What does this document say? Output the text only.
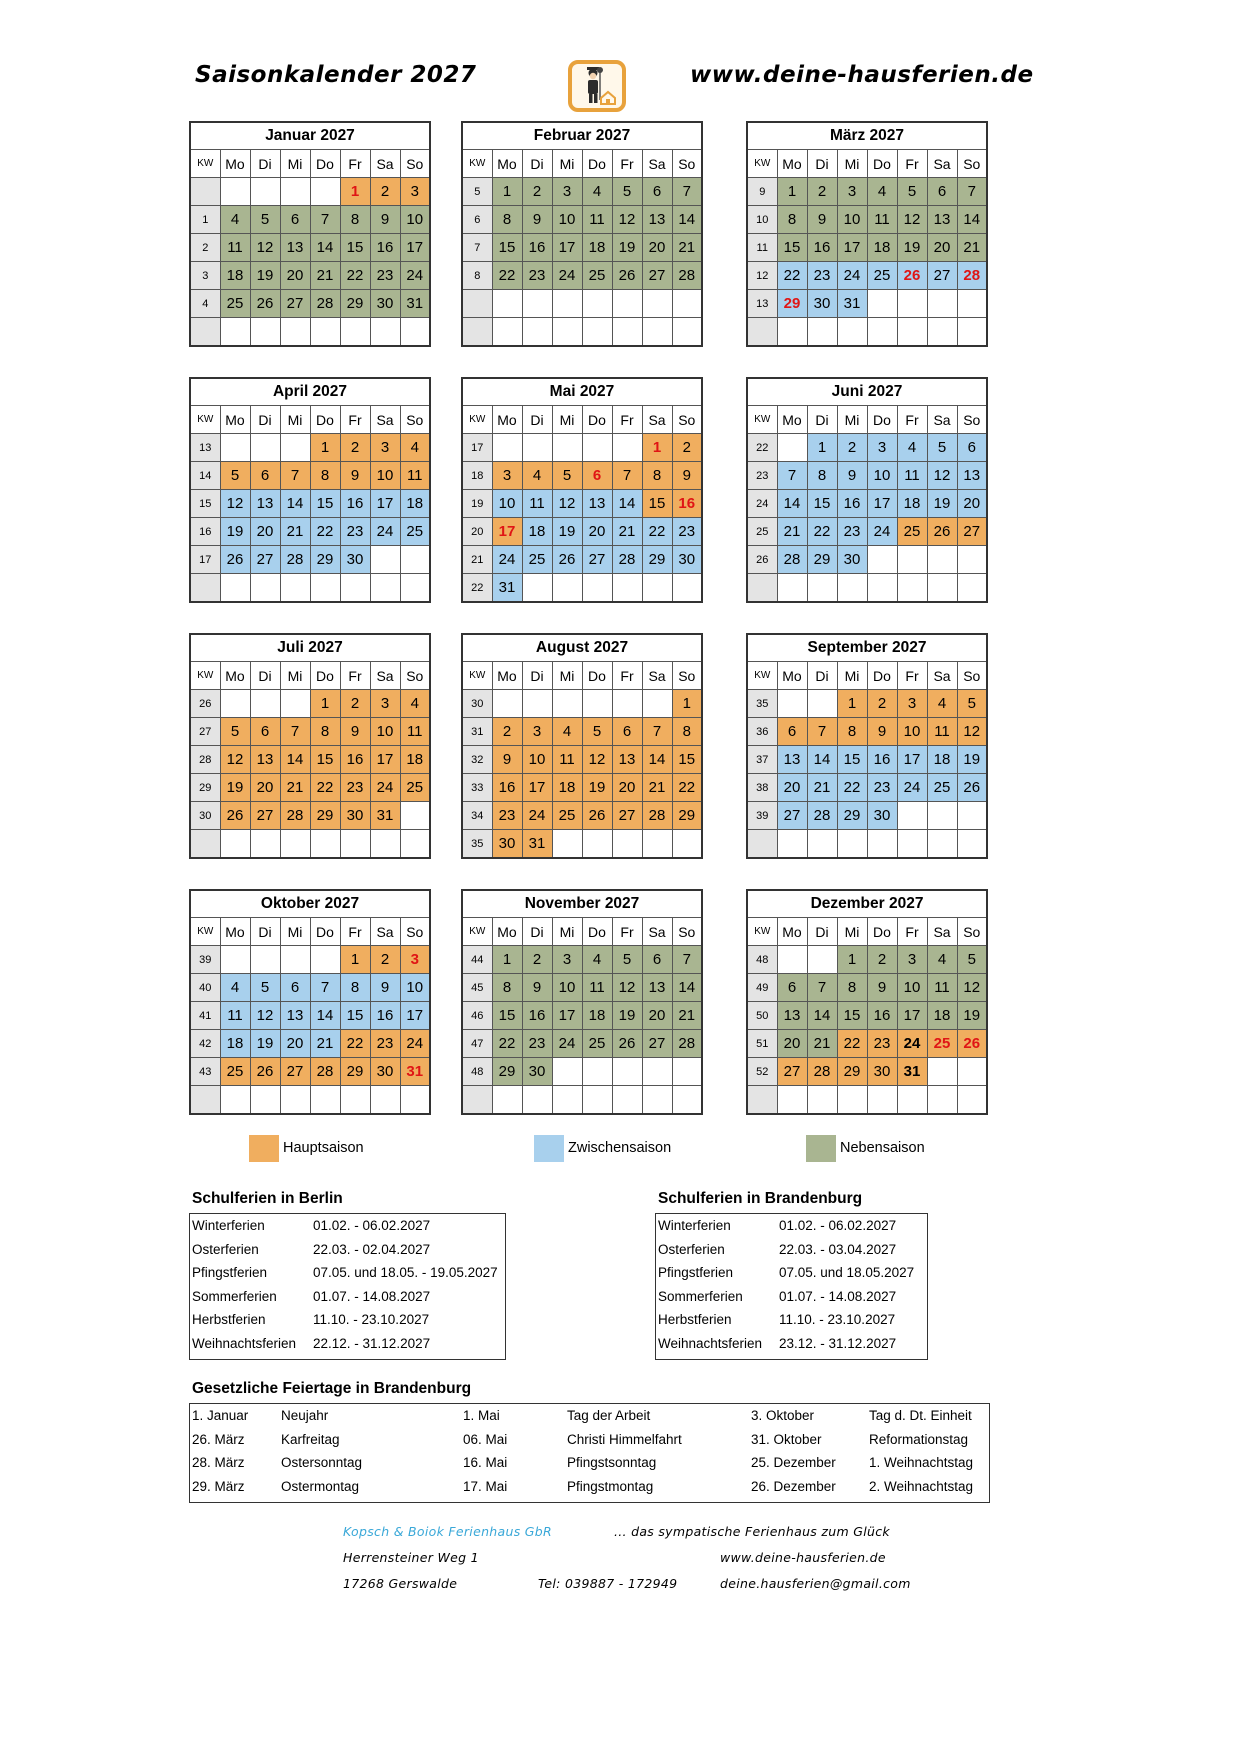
Saisonkalender 2027	www.deine-hausferien.de
Januar 2027							
KW	Mo	Di	Mi	Do	Fr	Sa	So
					1	2	3
1	4	5	6	7	8	9	10
2	11	12	13	14	15	16	17
3	18	19	20	21	22	23	24
4	25	26	27	28	29	30	31

Februar 2027							
KW	Mo	Di	Mi	Do	Fr	Sa	So
5	1	2	3	4	5	6	7
6	8	9	10	11	12	13	14
7	15	16	17	18	19	20	21
8	22	23	24	25	26	27	28

März 2027							
KW	Mo	Di	Mi	Do	Fr	Sa	So
9	1	2	3	4	5	6	7
10	8	9	10	11	12	13	14
11	15	16	17	18	19	20	21
12	22	23	24	25	26	27	28
13	29	30	31				

April 2027							
KW	Mo	Di	Mi	Do	Fr	Sa	So
13				1	2	3	4
14	5	6	7	8	9	10	11
15	12	13	14	15	16	17	18
16	19	20	21	22	23	24	25
17	26	27	28	29	30		

Mai 2027							
KW	Mo	Di	Mi	Do	Fr	Sa	So
17						1	2
18	3	4	5	6	7	8	9
19	10	11	12	13	14	15	16
20	17	18	19	20	21	22	23
21	24	25	26	27	28	29	30
22	31						
Juni 2027							
KW	Mo	Di	Mi	Do	Fr	Sa	So
22		1	2	3	4	5	6
23	7	8	9	10	11	12	13
24	14	15	16	17	18	19	20
25	21	22	23	24	25	26	27
26	28	29	30				

Juli 2027							
KW	Mo	Di	Mi	Do	Fr	Sa	So
26				1	2	3	4
27	5	6	7	8	9	10	11
28	12	13	14	15	16	17	18
29	19	20	21	22	23	24	25
30	26	27	28	29	30	31	

August 2027							
KW	Mo	Di	Mi	Do	Fr	Sa	So
30							1
31	2	3	4	5	6	7	8
32	9	10	11	12	13	14	15
33	16	17	18	19	20	21	22
34	23	24	25	26	27	28	29
35	30	31					
September 2027							
KW	Mo	Di	Mi	Do	Fr	Sa	So
35			1	2	3	4	5
36	6	7	8	9	10	11	12
37	13	14	15	16	17	18	19
38	20	21	22	23	24	25	26
39	27	28	29	30			

Oktober 2027							
KW	Mo	Di	Mi	Do	Fr	Sa	So
39					1	2	3
40	4	5	6	7	8	9	10
41	11	12	13	14	15	16	17
42	18	19	20	21	22	23	24
43	25	26	27	28	29	30	31

November 2027							
KW	Mo	Di	Mi	Do	Fr	Sa	So
44	1	2	3	4	5	6	7
45	8	9	10	11	12	13	14
46	15	16	17	18	19	20	21
47	22	23	24	25	26	27	28
48	29	30					

Dezember 2027							
KW	Mo	Di	Mi	Do	Fr	Sa	So
48			1	2	3	4	5
49	6	7	8	9	10	11	12
50	13	14	15	16	17	18	19
51	20	21	22	23	24	25	26
52	27	28	29	30	31		

Hauptsaison	Zwischensaison	Nebensaison
Schulferien in Berlin
Winterferien	01.02. - 06.02.2027
Osterferien	22.03. - 02.04.2027
Pfingstferien	07.05. und 18.05. - 19.05.2027
Sommerferien	01.07. - 14.08.2027
Herbstferien	11.10. - 23.10.2027
Weihnachtsferien 22.12. - 31.12.2027
Schulferien in Brandenburg
Winterferien	01.02. - 06.02.2027
Osterferien	22.03. - 03.04.2027
Pfingstferien	07.05. und 18.05.2027
Sommerferien	01.07. - 14.08.2027
Herbstferien	11.10. - 23.10.2027
Weihnachtsferien 23.12. - 31.12.2027
Gesetzliche Feiertage in Brandenburg
1. Januar Neujahr	1. Mai	Tag der Arbeit	3. Oktober	Tag d. Dt. Einheit
26. März	Karfreitag	06. Mai	Christi Himmelfahrt	31. Oktober	Reformationstag
28. März	Ostersonntag	16. Mai	Pfingstsonntag	25. Dezember 1. Weihnachtstag
29. März	Ostermontag	17. Mai	Pfingstmontag	26. Dezember 2. Weihnachtstag
Kopsch & Boiok Ferienhaus GbR	... das sympatische Ferienhaus zum Glück
Herrensteiner Weg 1	www.deine-hausferien.de
17268 Gerswalde	Tel: 039887 - 172949	deine.hausferien@gmail.com
